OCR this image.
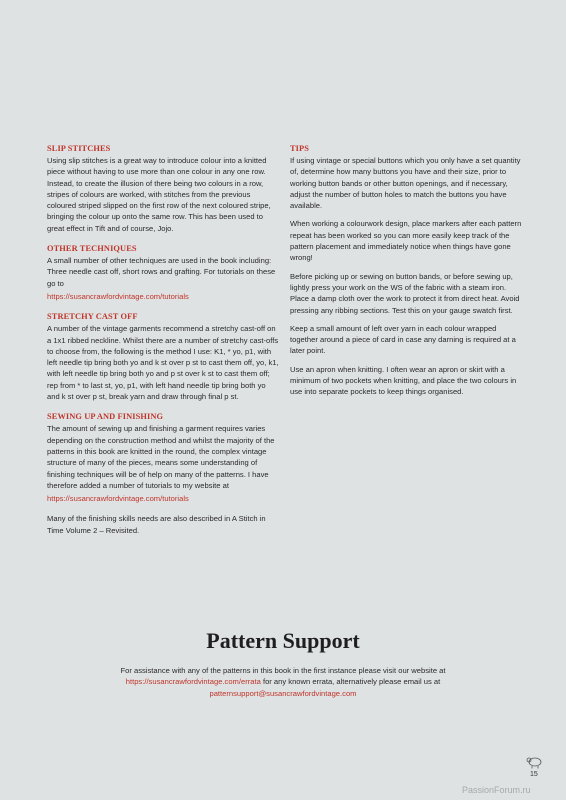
SLIP STITCHES

Using slip stitches is a great way to introduce colour into a knitted piece without having to use more than one colour in any one row. Instead, to create the illusion of there being two colours in a row, stripes of colours are worked, with stitches from the previous coloured striped slipped on the first row of the next coloured stripe, bringing the colour up onto the same row. This has been used to great effect in Tift and of course, Jojo.

OTHER TECHNIQUES

A small number of other techniques are used in the book including: Three needle cast off, short rows and grafting. For tutorials on these go to

https://susancrawfordvintage.com/tutorials

STRETCHY CAST OFF

A number of the vintage garments recommend a stretchy cast-off on a 1x1 ribbed neckline. Whilst there are a number of stretchy cast-offs to choose from, the following is the method I use: K1, * yo, p1, with left needle tip bring both yo and k st over p st to cast them off, yo, k1, with left needle tip bring both yo and p st over k st to cast them off; rep from * to last st, yo, p1, with left hand needle tip bring both yo and k st over p st, break yarn and draw through final p st.

SEWING UP AND FINISHING

The amount of sewing up and finishing a garment requires varies depending on the construction method and whilst the majority of the patterns in this book are knitted in the round, the complex vintage structure of many of the pieces, means some understanding of finishing techniques will be of help on many of the patterns. I have therefore added a number of tutorials to my website at

https://susancrawfordvintage.com/tutorials

Many of the finishing skills needs are also described in A Stitch in Time Volume 2 – Revisited.

TIPS

If using vintage or special buttons which you only have a set quantity of, determine how many buttons you have and their size, prior to working button bands or other button openings, and if necessary, adjust the number of button holes to match the buttons you have available.

When working a colourwork design, place markers after each pattern repeat has been worked so you can more easily keep track of the pattern placement and immediately notice when things have gone wrong!

Before picking up or sewing on button bands, or before sewing up, lightly press your work on the WS of the fabric with a steam iron. Place a damp cloth over the work to protect it from direct heat. Avoid pressing any ribbing sections. Test this on your gauge swatch first.

Keep a small amount of left over yarn in each colour wrapped together around a piece of card in case any darning is required at a later point.

Use an apron when knitting. I often wear an apron or skirt with a minimum of two pockets when knitting, and place the two colours in use into separate pockets to keep things organised.

Pattern Support

For assistance with any of the patterns in this book in the first instance please visit our website at

https://susancrawfordvintage.com/errata for any known errata, alternatively please email us at

patternsupport@susancrawfordvintage.com

15
PassionForum.ru
